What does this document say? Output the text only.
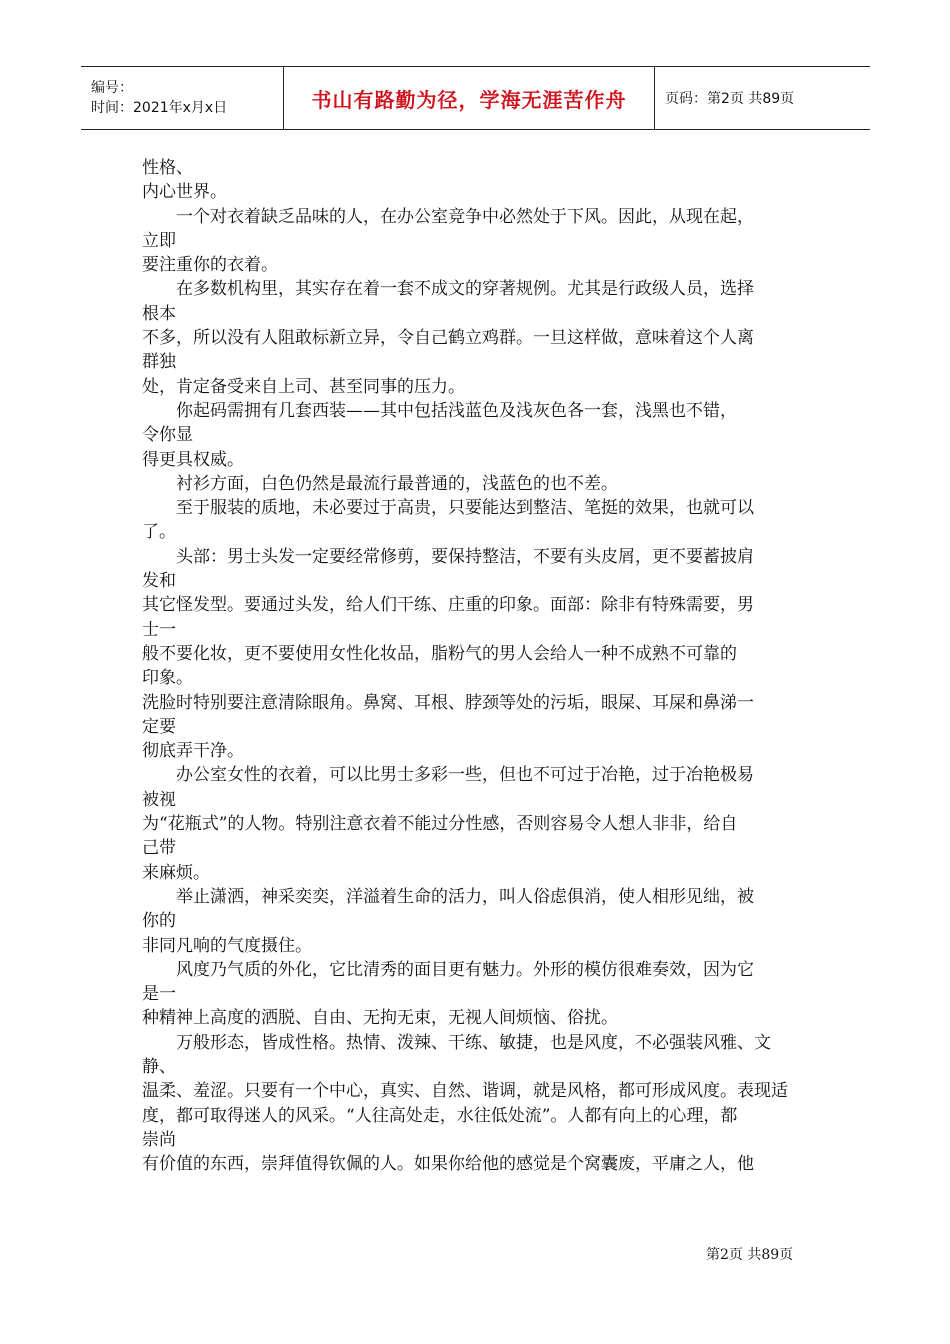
编号：
时间：2021年x月x日	书山有路勤为径，学海无涯苦作舟	页码：第2页 共89页
性格、
内心世界。
　　一个对衣着缺乏品味的人，在办公室竞争中必然处于下风。因此，从现在起，
立即
要注重你的衣着。
　　在多数机构里，其实存在着一套不成文的穿著规例。尤其是行政级人员，选择
根本
不多，所以没有人阻敢标新立异，令自己鹤立鸡群。一旦这样做，意味着这个人离
群独
处，肯定备受来自上司、甚至同事的压力。
　　你起码需拥有几套西装——其中包括浅蓝色及浅灰色各一套，浅黑也不错，
令你显
得更具权威。
　　衬衫方面，白色仍然是最流行最普通的，浅蓝色的也不差。
　　至于服装的质地，未必要过于高贵，只要能达到整洁、笔挺的效果，也就可以
了。
　　头部：男士头发一定要经常修剪，要保持整洁，不要有头皮屑，更不要蓄披肩
发和
其它怪发型。要通过头发，给人们干练、庄重的印象。面部：除非有特殊需要，男
士一
般不要化妆，更不要使用女性化妆品，脂粉气的男人会给人一种不成熟不可靠的
印象。
洗脸时特别要注意清除眼角。鼻窝、耳根、脖颈等处的污垢，眼屎、耳屎和鼻涕一
定要
彻底弄干净。
　　办公室女性的衣着，可以比男士多彩一些，但也不可过于冶艳，过于冶艳极易
被视
为“花瓶式”的人物。特别注意衣着不能过分性感，否则容易令人想人非非，给自
己带
来麻烦。
　　举止潇洒，神采奕奕，洋溢着生命的活力，叫人俗虑俱消，使人相形见绌，被
你的
非同凡响的气度摄住。
　　风度乃气质的外化，它比清秀的面目更有魅力。外形的模仿很难奏效，因为它
是一
种精神上高度的洒脱、自由、无拘无束，无视人间烦恼、俗扰。
　　万般形态，皆成性格。热情、泼辣、干练、敏捷，也是风度，不必强装风雅、文
静、
温柔、羞涩。只要有一个中心，真实、自然、谐调，就是风格，都可形成风度。表现适
度，都可取得迷人的风采。“人往高处走，水往低处流”。人都有向上的心理，都
崇尚
有价值的东西，崇拜值得钦佩的人。如果你给他的感觉是个窝囊废，平庸之人，他
第2页 共89页
